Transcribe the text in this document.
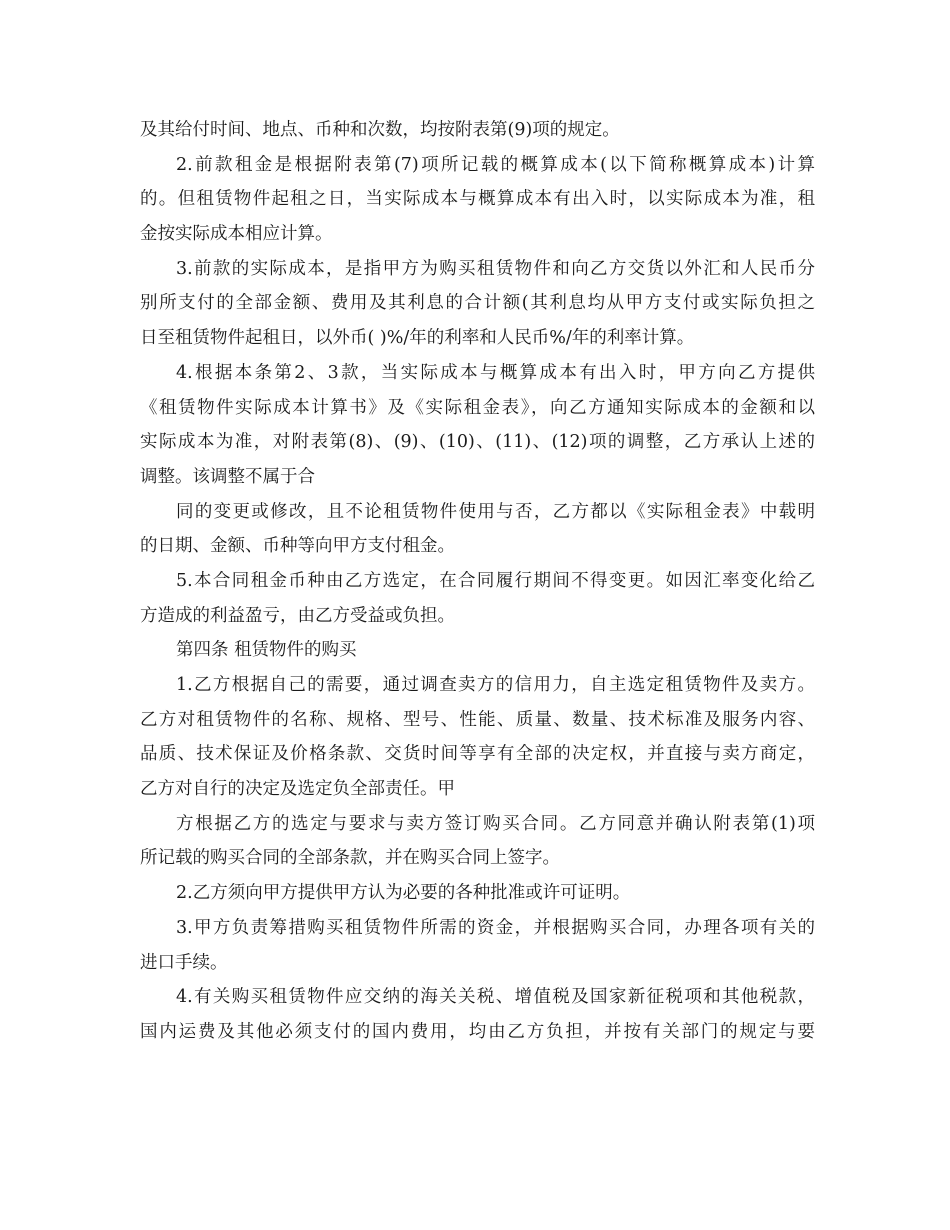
及其给付时间、地点、币种和次数，均按附表第(9)项的规定。
2.前款租金是根据附表第(7)项所记载的概算成本(以下简称概算成本)计算
的。但租赁物件起租之日，当实际成本与概算成本有出入时，以实际成本为准，租
金按实际成本相应计算。
3.前款的实际成本，是指甲方为购买租赁物件和向乙方交货以外汇和人民币分
别所支付的全部金额、费用及其利息的合计额(其利息均从甲方支付或实际负担之
日至租赁物件起租日，以外币( )%/年的利率和人民币%/年的利率计算。
4.根据本条第2、3款，当实际成本与概算成本有出入时，甲方向乙方提供
《租赁物件实际成本计算书》及《实际租金表》，向乙方通知实际成本的金额和以
实际成本为准，对附表第(8)、(9)、(10)、(11)、(12)项的调整，乙方承认上述的
调整。该调整不属于合
同的变更或修改，且不论租赁物件使用与否，乙方都以《实际租金表》中载明
的日期、金额、币种等向甲方支付租金。
5.本合同租金币种由乙方选定，在合同履行期间不得变更。如因汇率变化给乙
方造成的利益盈亏，由乙方受益或负担。
第四条 租赁物件的购买
1.乙方根据自己的需要，通过调查卖方的信用力，自主选定租赁物件及卖方。
乙方对租赁物件的名称、规格、型号、性能、质量、数量、技术标准及服务内容、
品质、技术保证及价格条款、交货时间等享有全部的决定权，并直接与卖方商定，
乙方对自行的决定及选定负全部责任。甲
方根据乙方的选定与要求与卖方签订购买合同。乙方同意并确认附表第(1)项
所记载的购买合同的全部条款，并在购买合同上签字。
2.乙方须向甲方提供甲方认为必要的各种批准或许可证明。
3.甲方负责筹措购买租赁物件所需的资金，并根据购买合同，办理各项有关的
进口手续。
4.有关购买租赁物件应交纳的海关关税、增值税及国家新征税项和其他税款，
国内运费及其他必须支付的国内费用，均由乙方负担，并按有关部门的规定与要
